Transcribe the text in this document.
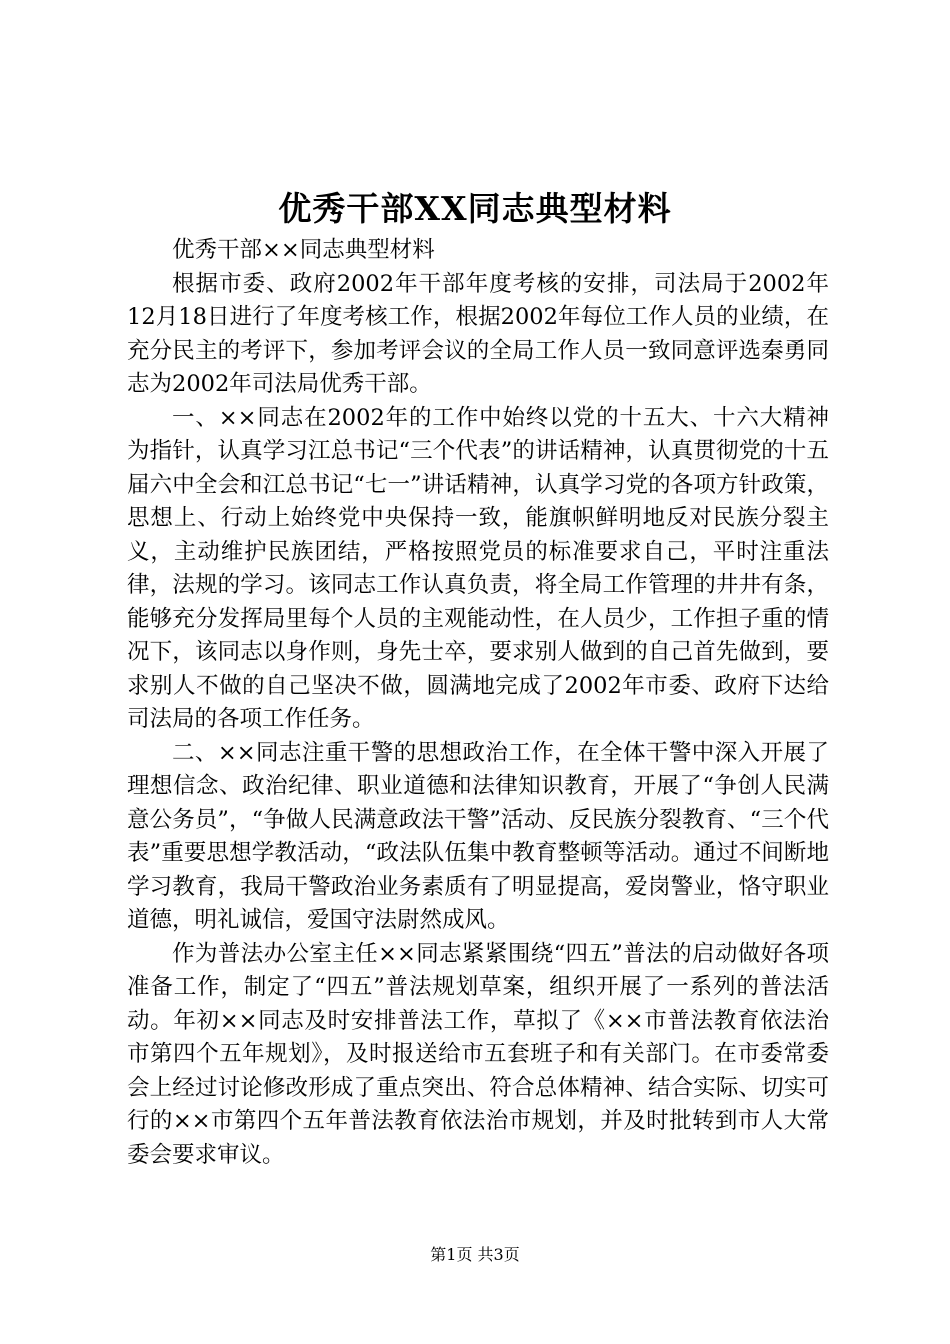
优秀干部XX同志典型材料

优秀干部××同志典型材料

根据市委、政府2002年干部年度考核的安排，司法局于2002年12月18日进行了年度考核工作，根据2002年每位工作人员的业绩，在充分民主的考评下，参加考评会议的全局工作人员一致同意评选秦勇同志为2002年司法局优秀干部。

一、××同志在2002年的工作中始终以党的十五大、十六大精神为指针，认真学习江总书记“三个代表”的讲话精神，认真贯彻党的十五届六中全会和江总书记“七一”讲话精神，认真学习党的各项方针政策，思想上、行动上始终党中央保持一致，能旗帜鲜明地反对民族分裂主义，主动维护民族团结，严格按照党员的标准要求自己，平时注重法律，法规的学习。该同志工作认真负责，将全局工作管理的井井有条，能够充分发挥局里每个人员的主观能动性，在人员少，工作担子重的情况下，该同志以身作则，身先士卒，要求别人做到的自己首先做到，要求别人不做的自己坚决不做，圆满地完成了2002年市委、政府下达给司法局的各项工作任务。

二、××同志注重干警的思想政治工作，在全体干警中深入开展了理想信念、政治纪律、职业道德和法律知识教育，开展了“争创人民满意公务员”，“争做人民满意政法干警”活动、反民族分裂教育、“三个代表”重要思想学教活动，“政法队伍集中教育整顿等活动。通过不间断地学习教育，我局干警政治业务素质有了明显提高，爱岗警业，恪守职业道德，明礼诚信，爱国守法尉然成风。

作为普法办公室主任××同志紧紧围绕“四五”普法的启动做好各项准备工作，制定了“四五”普法规划草案，组织开展了一系列的普法活动。年初××同志及时安排普法工作，草拟了《××市普法教育依法治市第四个五年规划》，及时报送给市五套班子和有关部门。在市委常委会上经过讨论修改形成了重点突出、符合总体精神、结合实际、切实可行的××市第四个五年普法教育依法治市规划，并及时批转到市人大常委会要求审议。

第1页 共3页
